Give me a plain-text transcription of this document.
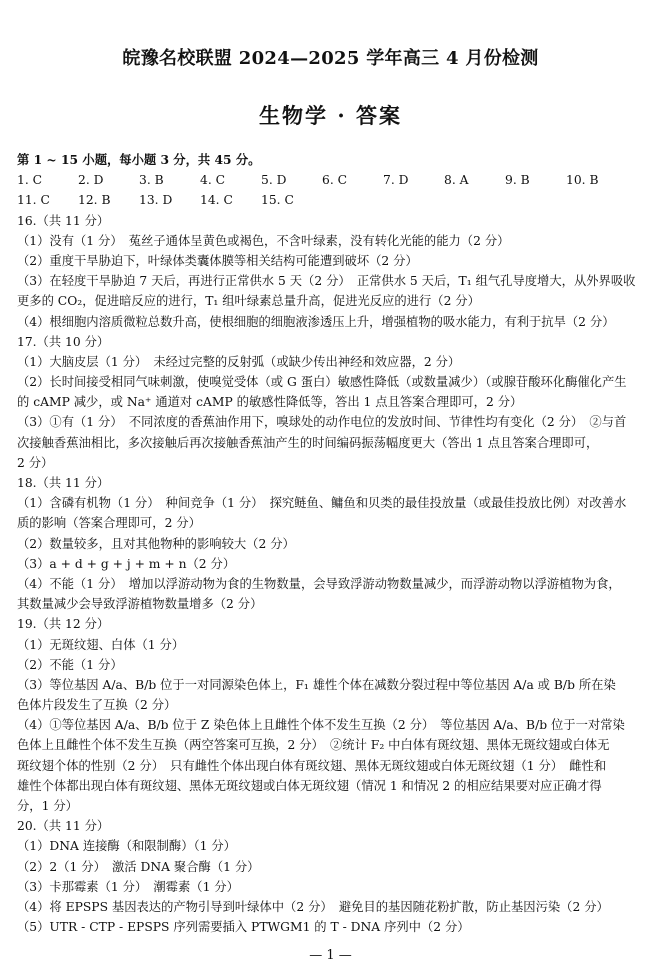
皖豫名校联盟 2024—2025 学年高三 4 月份检测
生物学 · 答案
第 1 ~ 15 小题，每小题 3 分，共 45 分。
1. C	2. D	3. B	4. C	5. D	6. C	7. D	8. A	9. B	10. B
11. C	12. B	13. D	14. C	15. C
16.（共 11 分）
（1）没有（1 分）　菟丝子通体呈黄色或褐色，不含叶绿素，没有转化光能的能力（2 分）
（2）重度干旱胁迫下，叶绿体类囊体膜等相关结构可能遭到破坏（2 分）
（3）在轻度干旱胁迫 7 天后，再进行正常供水 5 天（2 分）　正常供水 5 天后，T₁ 组气孔导度增大，从外界吸收
更多的 CO₂，促进暗反应的进行，T₁ 组叶绿素总量升高，促进光反应的进行（2 分）
（4）根细胞内溶质微粒总数升高，使根细胞的细胞液渗透压上升，增强植物的吸水能力，有利于抗旱（2 分）
17.（共 10 分）
（1）大脑皮层（1 分）　未经过完整的反射弧（或缺少传出神经和效应器，2 分）
（2）长时间接受相同气味刺激，使嗅觉受体（或 G 蛋白）敏感性降低（或数量减少）（或腺苷酸环化酶催化产生
的 cAMP 减少，或 Na⁺ 通道对 cAMP 的敏感性降低等，答出 1 点且答案合理即可，2 分）
（3）①有（1 分）　不同浓度的香蕉油作用下，嗅球处的动作电位的发放时间、节律性均有变化（2 分）　②与首
次接触香蕉油相比，多次接触后再次接触香蕉油产生的时间编码振荡幅度更大（答出 1 点且答案合理即可，
2 分）
18.（共 11 分）
（1）含磷有机物（1 分）　种间竞争（1 分）　探究鲢鱼、鳙鱼和贝类的最佳投放量（或最佳投放比例）对改善水
质的影响（答案合理即可，2 分）
（2）数量较多，且对其他物种的影响较大（2 分）
（3）a + d + g + j + m + n（2 分）
（4）不能（1 分）　增加以浮游动物为食的生物数量，会导致浮游动物数量减少，而浮游动物以浮游植物为食，
其数量减少会导致浮游植物数量增多（2 分）
19.（共 12 分）
（1）无斑纹翅、白体（1 分）
（2）不能（1 分）
（3）等位基因 A/a、B/b 位于一对同源染色体上，F₁ 雄性个体在减数分裂过程中等位基因 A/a 或 B/b 所在染
色体片段发生了互换（2 分）
（4）①等位基因 A/a、B/b 位于 Z 染色体上且雌性个体不发生互换（2 分）　等位基因 A/a、B/b 位于一对常染
色体上且雌性个体不发生互换（两空答案可互换，2 分）　②统计 F₂ 中白体有斑纹翅、黑体无斑纹翅或白体无
斑纹翅个体的性别（2 分）　只有雌性个体出现白体有斑纹翅、黑体无斑纹翅或白体无斑纹翅（1 分）　雌性和
雄性个体都出现白体有斑纹翅、黑体无斑纹翅或白体无斑纹翅（情况 1 和情况 2 的相应结果要对应正确才得
分，1 分）
20.（共 11 分）
（1）DNA 连接酶（和限制酶）（1 分）
（2）2（1 分）　激活 DNA 聚合酶（1 分）
（3）卡那霉素（1 分）　潮霉素（1 分）
（4）将 EPSPS 基因表达的产物引导到叶绿体中（2 分）　避免目的基因随花粉扩散，防止基因污染（2 分）
（5）UTR - CTP - EPSPS 序列需要插入 PTWGM1 的 T - DNA 序列中（2 分）
— 1 —
